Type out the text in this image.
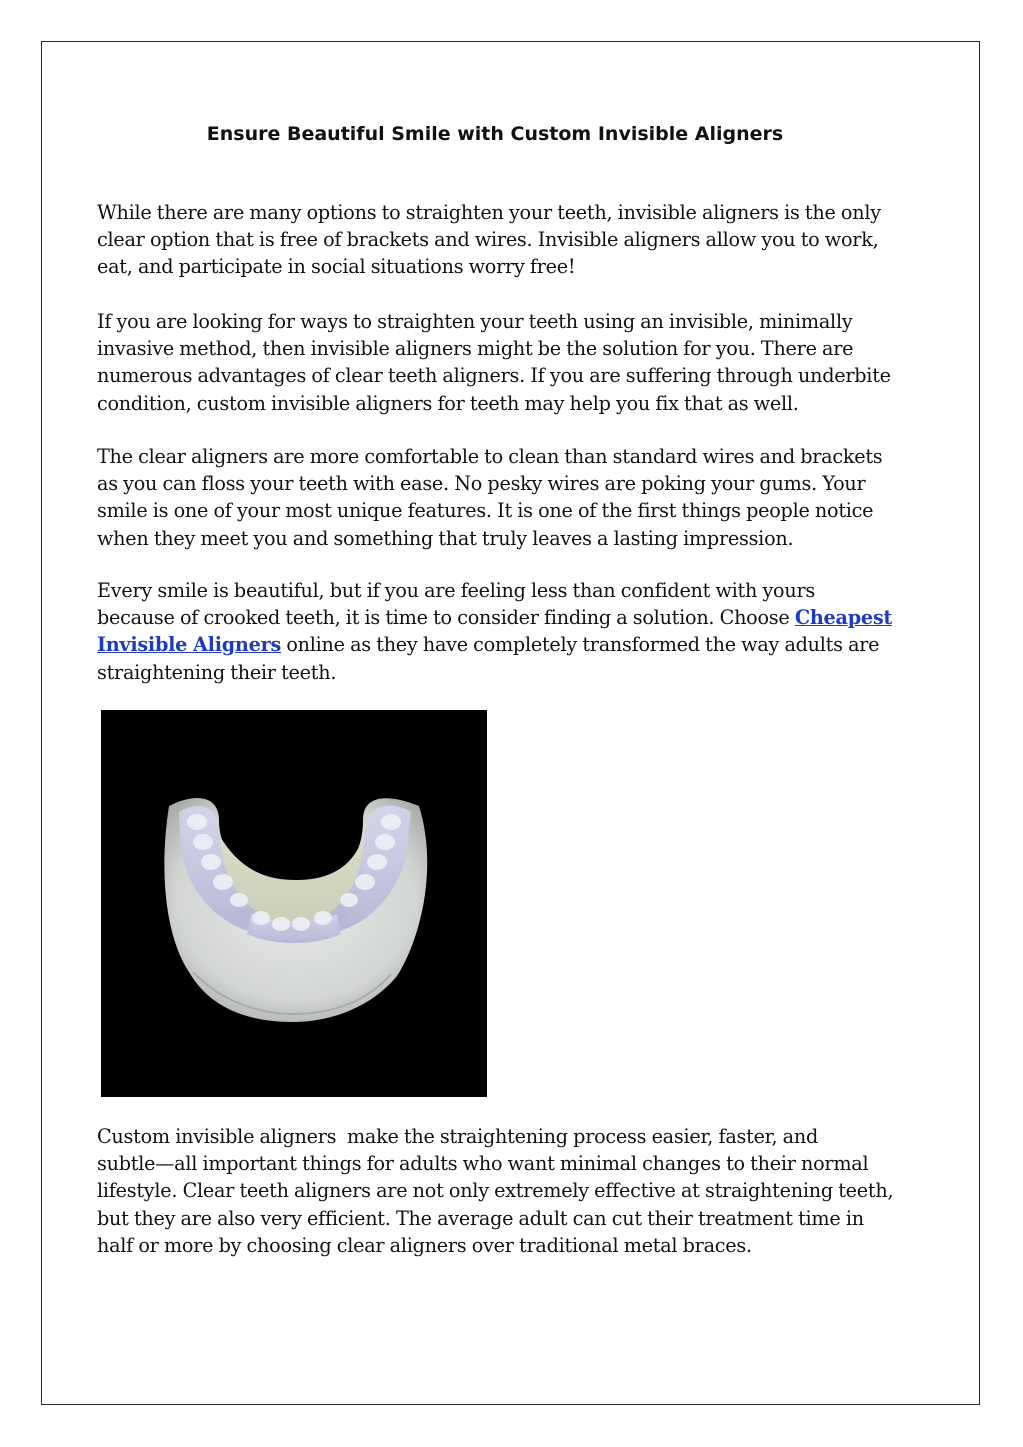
Ensure Beautiful Smile with Custom Invisible Aligners

While there are many options to straighten your teeth, invisible aligners is the only
clear option that is free of brackets and wires. Invisible aligners allow you to work,
eat, and participate in social situations worry free!

If you are looking for ways to straighten your teeth using an invisible, minimally
invasive method, then invisible aligners might be the solution for you. There are
numerous advantages of clear teeth aligners. If you are suffering through underbite
condition, custom invisible aligners for teeth may help you fix that as well.

The clear aligners are more comfortable to clean than standard wires and brackets
as you can floss your teeth with ease. No pesky wires are poking your gums. Your
smile is one of your most unique features. It is one of the first things people notice
when they meet you and something that truly leaves a lasting impression.

Every smile is beautiful, but if you are feeling less than confident with yours
because of crooked teeth, it is time to consider finding a solution. Choose Cheapest
Invisible Aligners online as they have completely transformed the way adults are
straightening their teeth.

Custom invisible aligners  make the straightening process easier, faster, and
subtle—all important things for adults who want minimal changes to their normal
lifestyle. Clear teeth aligners are not only extremely effective at straightening teeth,
but they are also very efficient. The average adult can cut their treatment time in
half or more by choosing clear aligners over traditional metal braces.
